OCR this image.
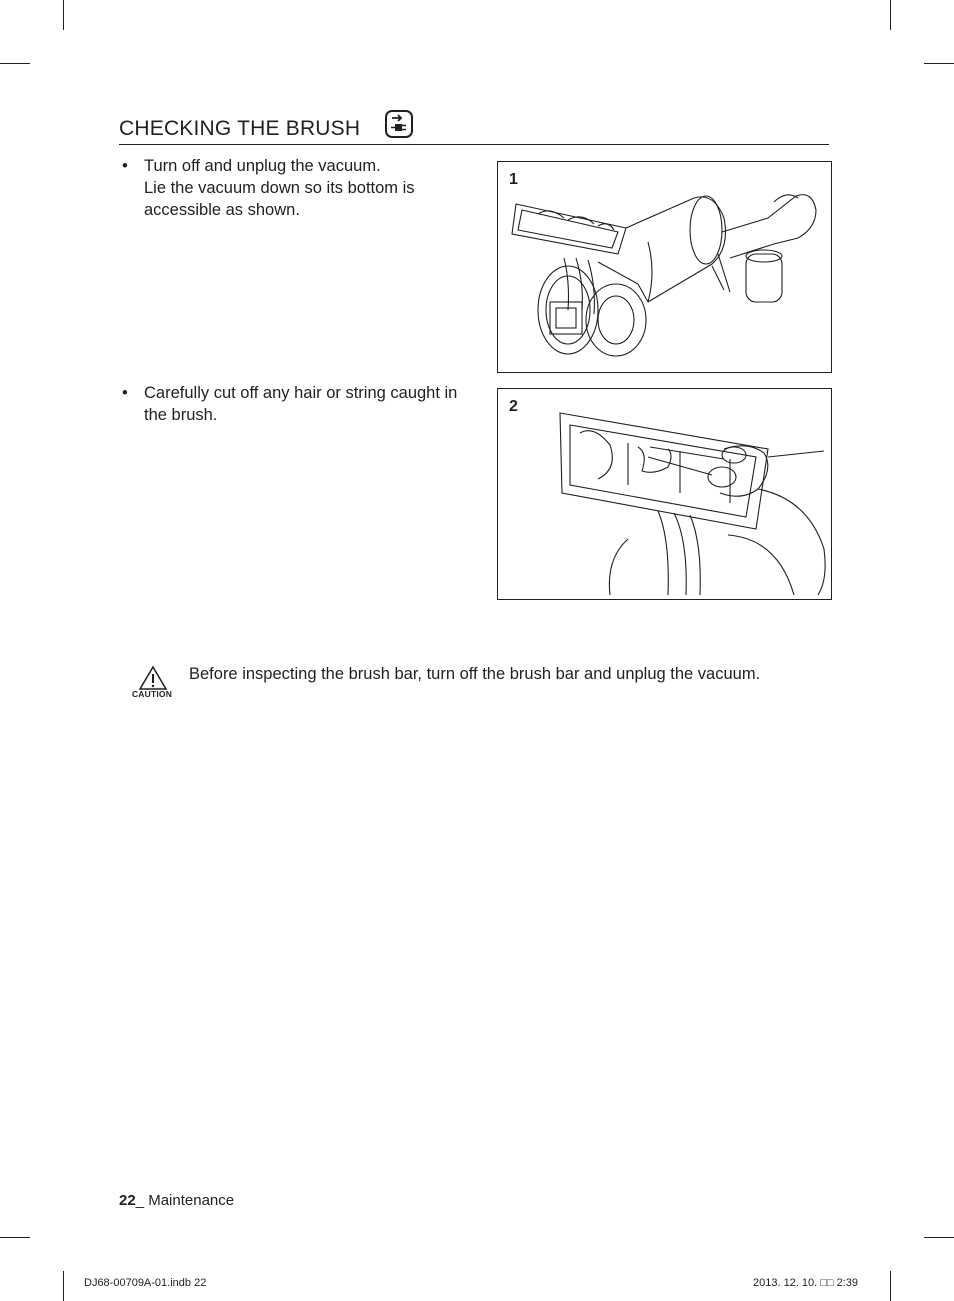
CHECKING THE BRUSH
• Turn off and unplug the vacuum.
Lie the vacuum down so its bottom is
accessible as shown.
1
• Carefully cut off any hair or string caught in
the brush.	2
CAUTION
Before inspecting the brush bar, turn off the brush bar and unplug the vacuum.
22_ Maintenance
DJ68-00709A-01.indb 22	2013. 12. 10. □□ 2:39
